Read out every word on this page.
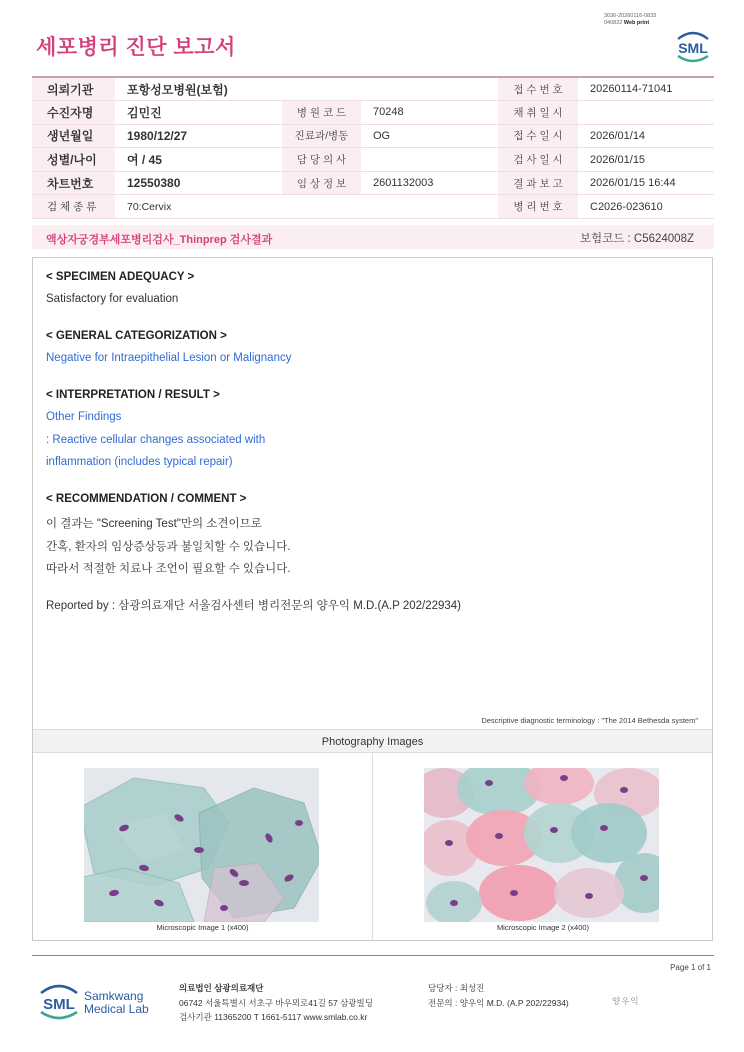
3036-20260116-0833
040822 Web print
세포병리 진단 보고서	SML
의뢰기관	포항성모병원(보험)			접 수 번 호	20260114-71041
수진자명	김민진	병 원 코 드	70248	채 취 일 시	
생년월일	1980/12/27	진료과/병동	OG	접 수 일 시	2026/01/14
성별/나이	여 / 45	담 당 의 사		검 사 일 시	2026/01/15
차트번호	12550380	임 상 정 보	2601132003	결 과 보 고	2026/01/15 16:44
검 체 종 류	70:Cervix			병 리 번 호	C2026-023610
액상자궁경부세포병리검사_Thinprep 검사결과	보험코드 : C5624008Z
< SPECIMEN ADEQUACY >
Satisfactory for evaluation
< GENERAL CATEGORIZATION >
Negative for Intraepithelial Lesion or Malignancy
< INTERPRETATION / RESULT >
Other Findings
: Reactive cellular changes associated with
inflammation (includes typical repair)
< RECOMMENDATION / COMMENT >
이 결과는 "Screening Test"만의 소견이므로
간혹, 환자의 임상증상등과 불일치할 수 있습니다.
따라서 적절한 치료나 조언이 필요할 수 있습니다.
Reported by : 삼광의료재단 서울검사센터 병리전문의 양우익 M.D.(A.P 202/22934)
Descriptive diagnostic terminology : "The 2014 Bethesda system"
Photography Images
Microscopic Image 1 (x400)	Microscopic Image 2 (x400)
Page 1 of 1
SML Samkwang
Medical Lab
의료법인 삼광의료재단
06742 서울특별시 서초구 바우뫼로41길 57 삼광빌딩
검사기관 11365200 T 1661-5117 www.smlab.co.kr
담당자 : 최성진
전문의 : 양우익 M.D. (A.P 202/22934)	양우익
